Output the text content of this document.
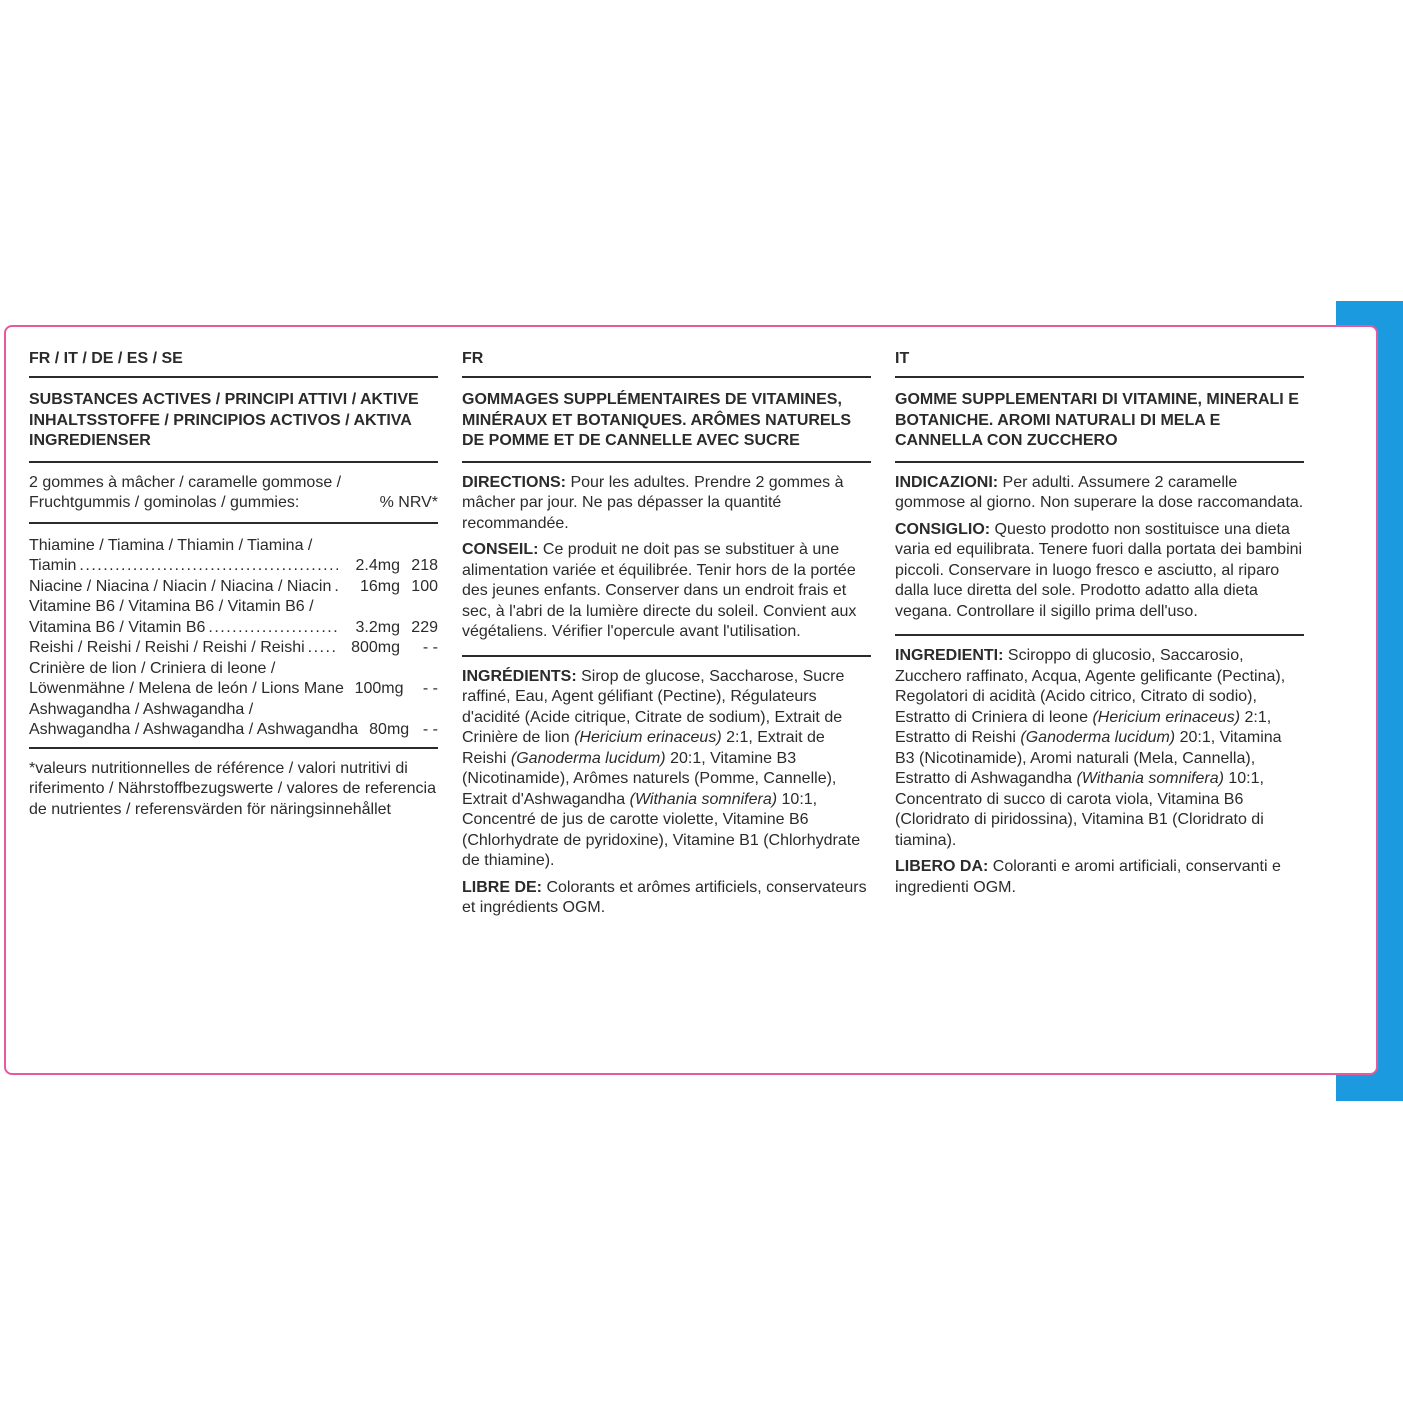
FR / IT / DE / ES / SE

SUBSTANCES ACTIVES / PRINCIPI ATTIVI / AKTIVE INHALTSSTOFFE / PRINCIPIOS ACTIVOS / AKTIVA INGREDIENSER

2 gommes à mâcher / caramelle gommose / Fruchtgummis / gominolas / gummies:	% NRV*
Thiamine / Tiamina / Thiamin / Tiamina /
Tiamin .....	2.4mg 218
Niacine / Niacina / Niacin / Niacina / Niacin .....	16mg 100
Vitamine B6 / Vitamina B6 / Vitamin B6 /
Vitamina B6 / Vitamin B6 .....	3.2mg 229
Reishi / Reishi / Reishi / Reishi / Reishi .....	800mg	- -
Crinière de lion / Criniera di leone /
Löwenmähne / Melena de león / Lions Mane 100mg	- -
Ashwagandha / Ashwagandha /
Ashwagandha / Ashwagandha / Ashwagandha 80mg - -

*valeurs nutritionnelles de référence / valori nutritivi di riferimento / Nährstoffbezugswerte / valores de referencia de nutrientes / referensvärden för näringsinnehållet

FR

GOMMAGES SUPPLÉMENTAIRES DE VITAMINES, MINÉRAUX ET BOTANIQUES. ARÔMES NATURELS DE POMME ET DE CANNELLE AVEC SUCRE

DIRECTIONS: Pour les adultes. Prendre 2 gommes à mâcher par jour. Ne pas dépasser la quantité recommandée.

CONSEIL: Ce produit ne doit pas se substituer à une alimentation variée et équilibrée. Tenir hors de la portée des jeunes enfants. Conserver dans un endroit frais et sec, à l'abri de la lumière directe du soleil. Convient aux végétaliens. Vérifier l'opercule avant l'utilisation.

INGRÉDIENTS: Sirop de glucose, Saccharose, Sucre raffiné, Eau, Agent gélifiant (Pectine), Régulateurs d'acidité (Acide citrique, Citrate de sodium), Extrait de Crinière de lion (Hericium erinaceus) 2:1, Extrait de Reishi (Ganoderma lucidum) 20:1, Vitamine B3 (Nicotinamide), Arômes naturels (Pomme, Cannelle), Extrait d'Ashwagandha (Withania somnifera) 10:1, Concentré de jus de carotte violette, Vitamine B6 (Chlorhydrate de pyridoxine), Vitamine B1 (Chlorhydrate de thiamine).

LIBRE DE: Colorants et arômes artificiels, conservateurs et ingrédients OGM.

IT

GOMME SUPPLEMENTARI DI VITAMINE, MINERALI E BOTANICHE. AROMI NATURALI DI MELA E CANNELLA CON ZUCCHERO

INDICAZIONI: Per adulti. Assumere 2 caramelle gommose al giorno. Non superare la dose raccomandata.

CONSIGLIO: Questo prodotto non sostituisce una dieta varia ed equilibrata. Tenere fuori dalla portata dei bambini piccoli. Conservare in luogo fresco e asciutto, al riparo dalla luce diretta del sole. Prodotto adatto alla dieta vegana. Controllare il sigillo prima dell'uso.

INGREDIENTI: Sciroppo di glucosio, Saccarosio, Zucchero raffinato, Acqua, Agente gelificante (Pectina), Regolatori di acidità (Acido citrico, Citrato di sodio), Estratto di Criniera di leone (Hericium erinaceus) 2:1, Estratto di Reishi (Ganoderma lucidum) 20:1, Vitamina B3 (Nicotinamide), Aromi naturali (Mela, Cannella), Estratto di Ashwagandha (Withania somnifera) 10:1, Concentrato di succo di carota viola, Vitamina B6 (Cloridrato di piridossina), Vitamina B1 (Cloridrato di tiamina).

LIBERO DA: Coloranti e aromi artificiali, conservanti e ingredienti OGM.
